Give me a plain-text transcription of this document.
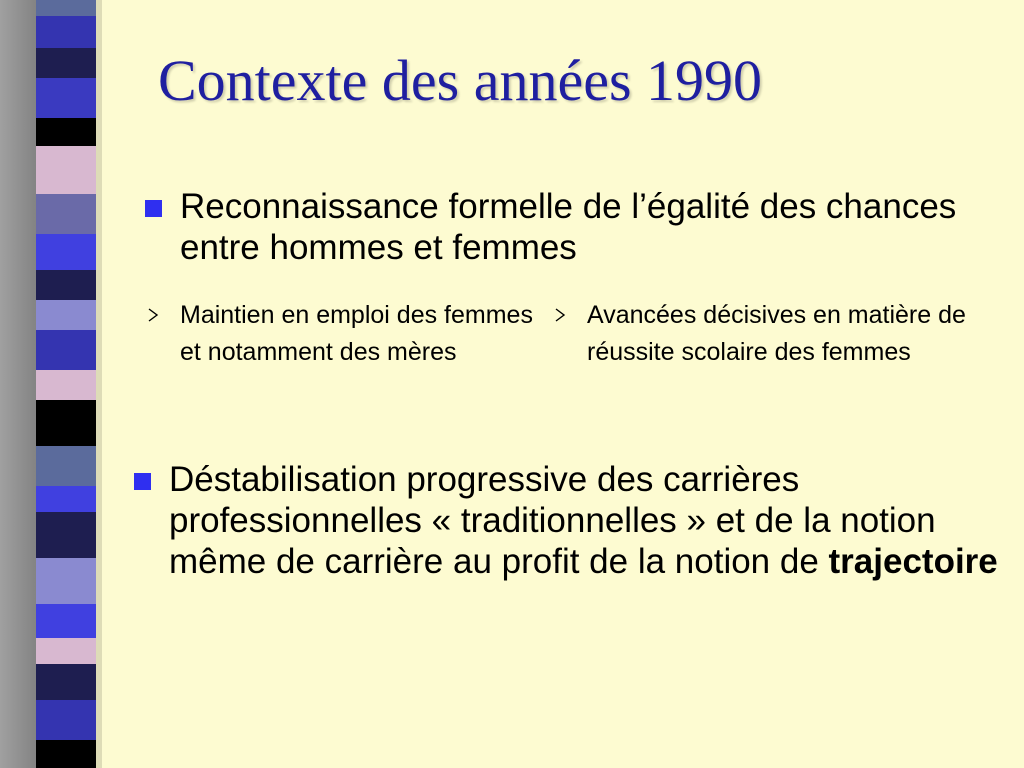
Contexte des années 1990
Reconnaissance formelle de l’égalité des chances entre hommes et femmes
Maintien en emploi des femmes et notamment des mères
Avancées décisives en matière de réussite scolaire des femmes
Déstabilisation progressive des carrières professionnelles « traditionnelles » et de la notion même de carrière au profit de la notion de trajectoire
